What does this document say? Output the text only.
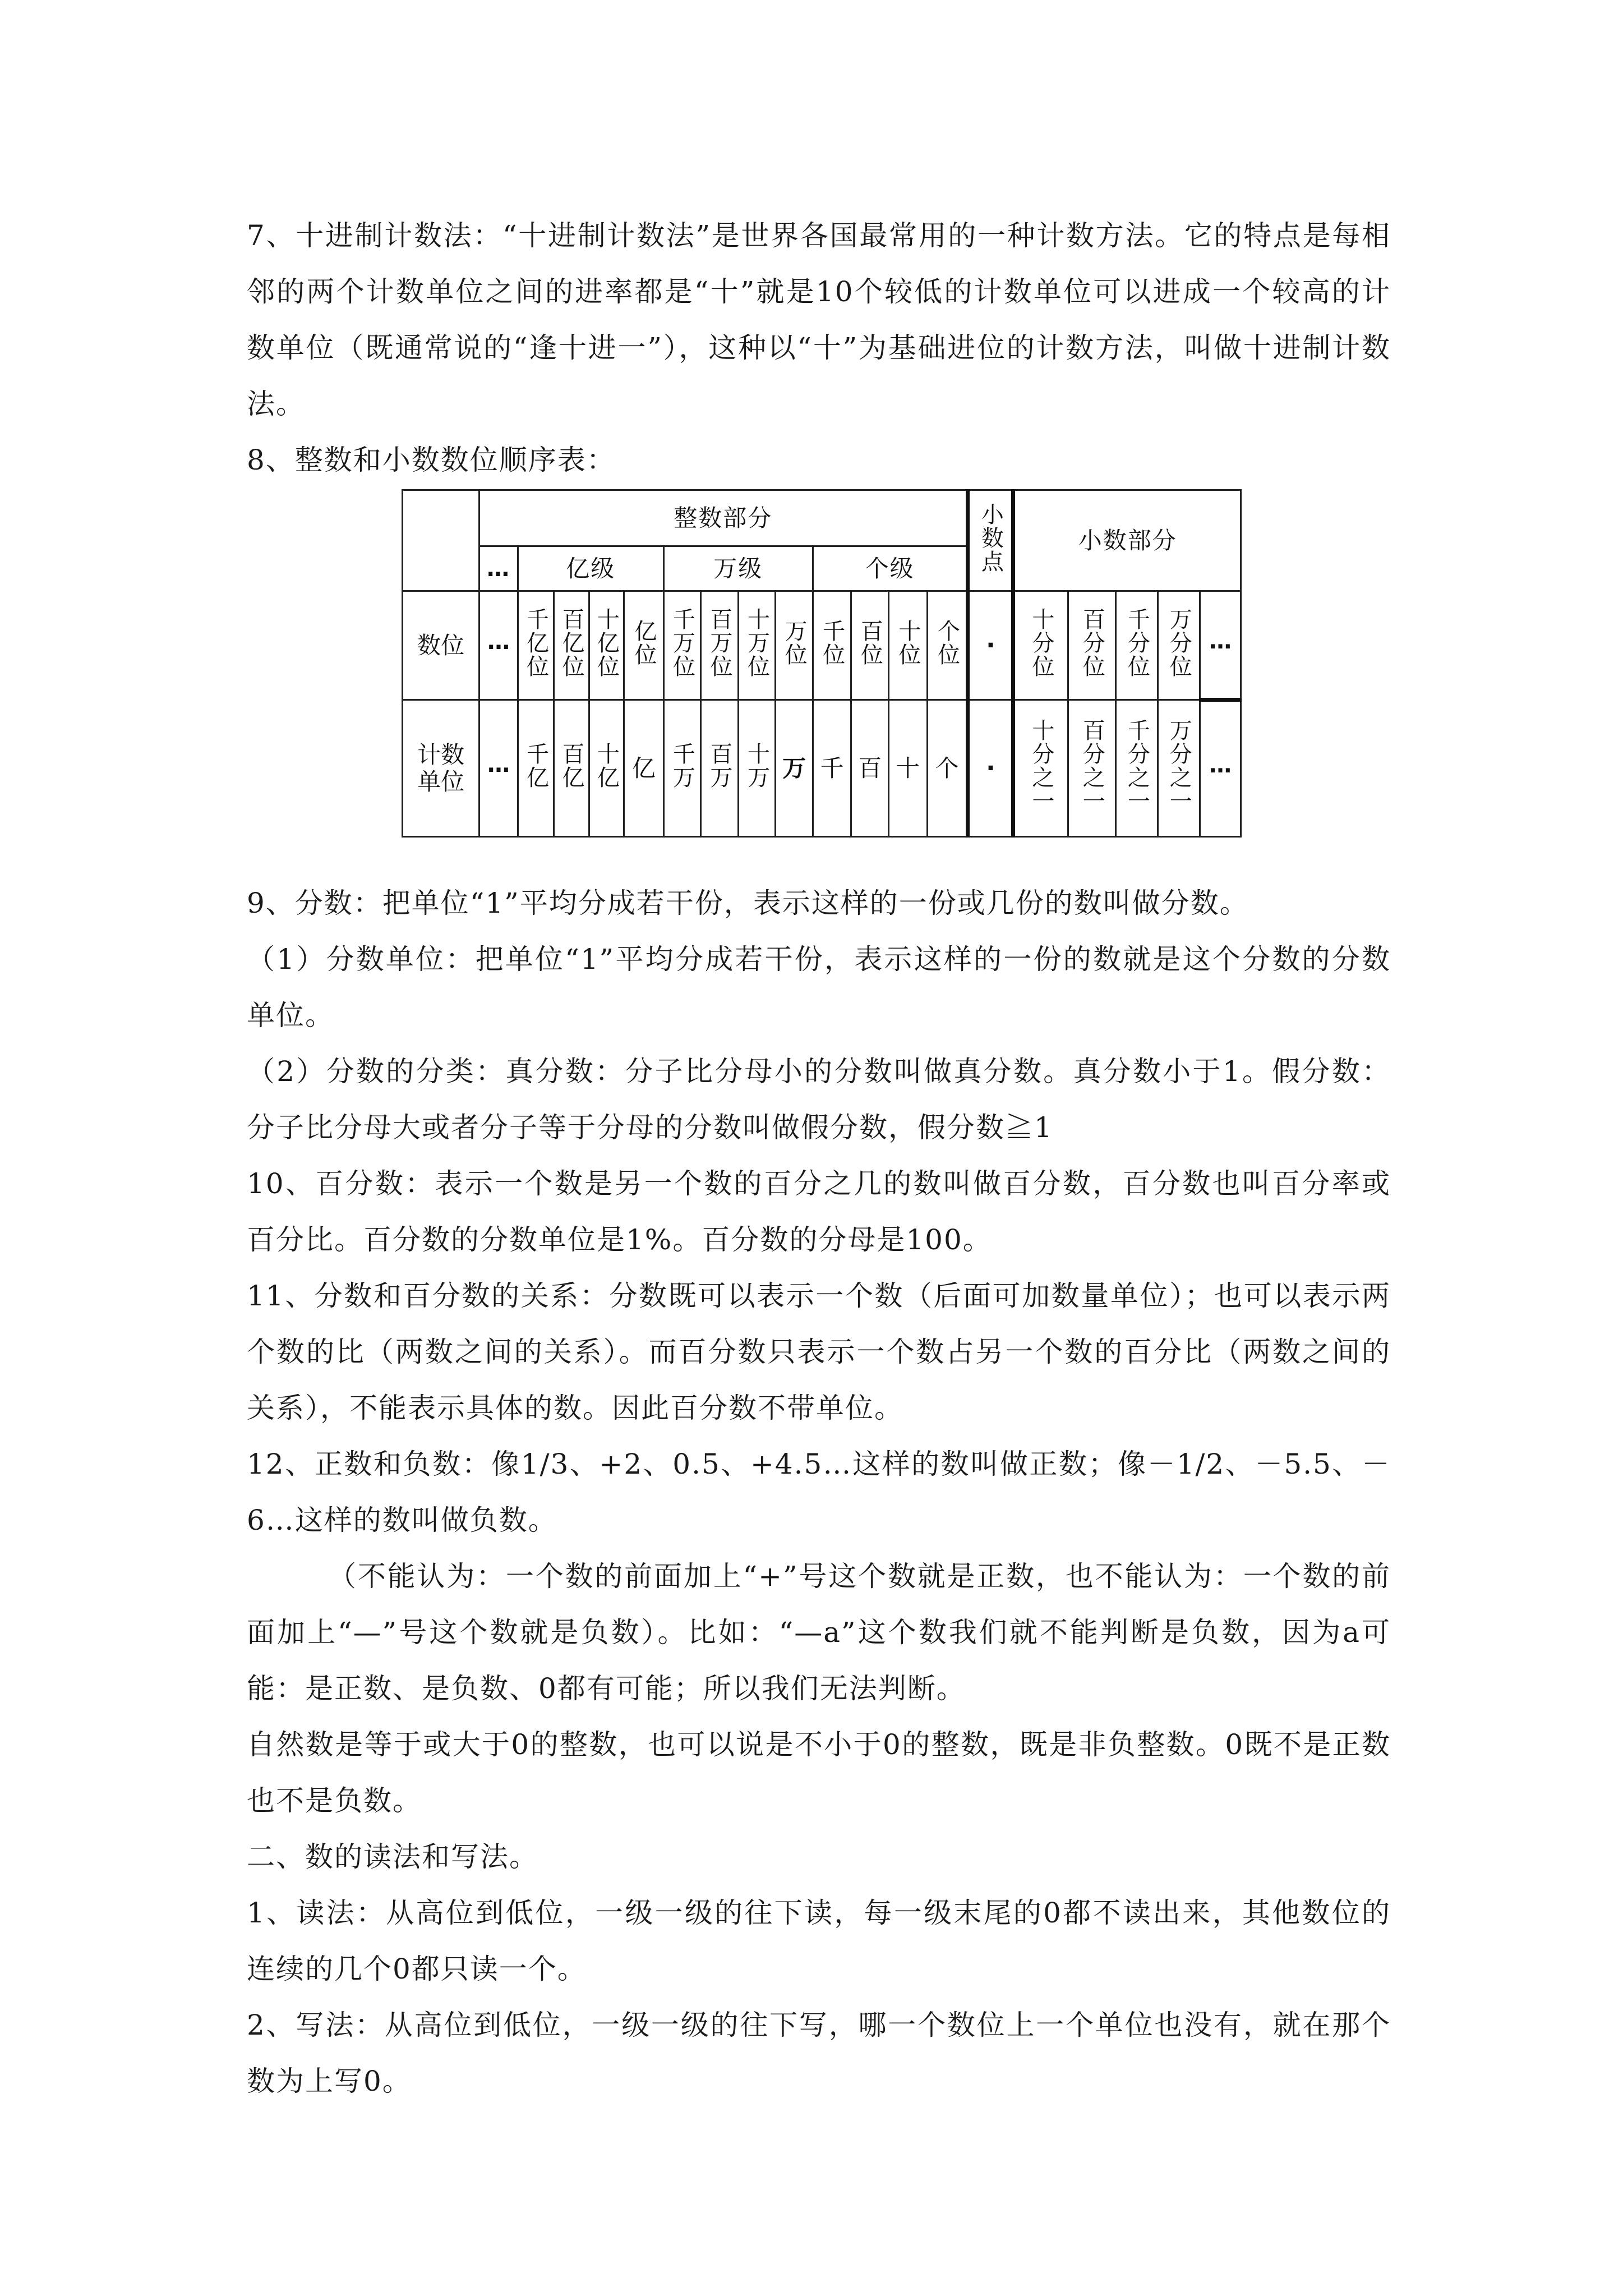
7、十进制计数法：“十进制计数法”是世界各国最常用的一种计数方法。它的特点是每相邻的两个计数单位之间的进率都是“十”就是10个较低的计数单位可以进成一个较高的计数单位（既通常说的“逢十进一”），这种以“十”为基础进位的计数方法，叫做十进制计数法。

8、整数和小数数位顺序表：

	整数部分													小数点	小数部分				
	…	亿级				万级				个级									
数位	…	千亿位	百亿位	十亿位	亿位	千万位	百万位	十万位	万位	千位	百位	十位	个位	·	十分位	百分位	千分位	万分位	…
计数单位	…	千亿	百亿	十亿	亿	千万	百万	十万	万	千	百	十	个	·	十分之一	百分之一	千分之一	万分之一	…

9、分数：把单位“1”平均分成若干份，表示这样的一份或几份的数叫做分数。

（1）分数单位：把单位“1”平均分成若干份，表示这样的一份的数就是这个分数的分数单位。

（2）分数的分类：真分数：分子比分母小的分数叫做真分数。真分数小于1。假分数：分子比分母大或者分子等于分母的分数叫做假分数，假分数≧1

10、百分数：表示一个数是另一个数的百分之几的数叫做百分数，百分数也叫百分率或百分比。百分数的分数单位是1%。百分数的分母是100。

11、分数和百分数的关系：分数既可以表示一个数（后面可加数量单位）；也可以表示两个数的比（两数之间的关系）。而百分数只表示一个数占另一个数的百分比（两数之间的关系），不能表示具体的数。因此百分数不带单位。

12、正数和负数：像1/3、+2、0.5、+4.5…这样的数叫做正数；像－1/2、－5.5、－6…这样的数叫做负数。

（不能认为：一个数的前面加上“+”号这个数就是正数，也不能认为：一个数的前面加上“—”号这个数就是负数）。比如：“—a”这个数我们就不能判断是负数，因为a可能：是正数、是负数、0都有可能；所以我们无法判断。

自然数是等于或大于0的整数，也可以说是不小于0的整数，既是非负整数。0既不是正数也不是负数。

二、数的读法和写法。

1、读法：从高位到低位，一级一级的往下读，每一级末尾的0都不读出来，其他数位的连续的几个0都只读一个。

2、写法：从高位到低位，一级一级的往下写，哪一个数位上一个单位也没有，就在那个数为上写0。
